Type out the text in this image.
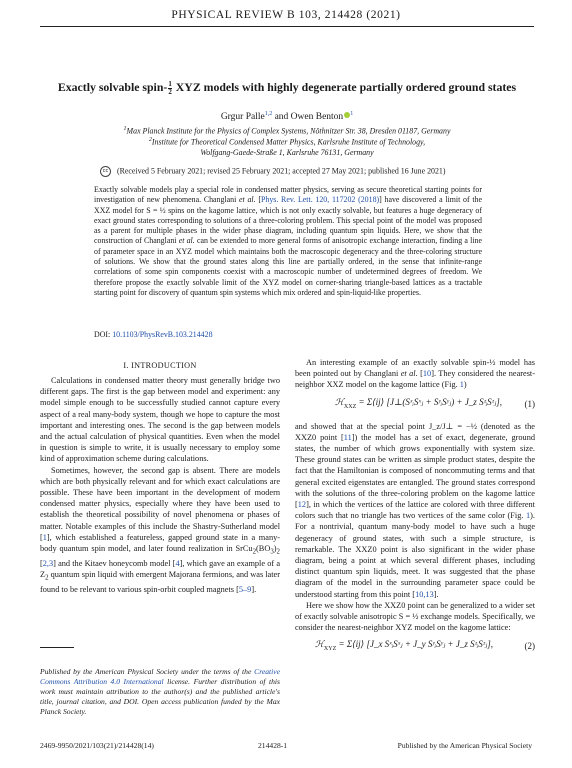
PHYSICAL REVIEW B 103, 214428 (2021)
Exactly solvable spin- $\frac{1}{2}$ XYZ models with highly degenerate partially ordered ground states
Grgur Palle$^{1,2}$ and Owen Benton $^1$
$^1$Max Planck Institute for the Physics of Complex Systems, Nöthnitzer Str. 38, Dresden 01187, Germany
$^2$Institute for Theoretical Condensed Matter Physics, Karlsruhe Institute of Technology,
Wolfgang-Gaede-Straße 1, Karlsruhe 76131, Germany
cc (Received 5 February 2021; revised 25 February 2021; accepted 27 May 2021; published 16 June 2021)
Exactly solvable models play a special role in condensed matter physics, serving as secure theoretical starting points for investigation of new phenomena. Changlani et al. [Phys. Rev. Lett. 120, 117202 (2018)] have discovered a limit of the XXZ model for S = ½ spins on the kagome lattice, which is not only exactly solvable, but features a huge degeneracy of exact ground states corresponding to solutions of a three-coloring problem. This special point of the model was proposed as a parent for multiple phases in the wider phase diagram, including quantum spin liquids. Here, we show that the construction of Changlani et al. can be extended to more general forms of anisotropic exchange interaction, finding a line of parameter space in an XYZ model which maintains both the macroscopic degeneracy and the three-coloring structure of solutions. We show that the ground states along this line are partially ordered, in the sense that infinite-range correlations of some spin components coexist with a macroscopic number of undetermined degrees of freedom. We therefore propose the exactly solvable limit of the XYZ model on corner-sharing triangle-based lattices as a tractable starting point for discovery of quantum spin systems which mix ordered and spin-liquid-like properties.
DOI: 10.1103/PhysRevB.103.214428
I. INTRODUCTION

Calculations in condensed matter theory must generally bridge two different gaps. The first is the gap between model and experiment: any model simple enough to be successfully studied cannot capture every aspect of a real many-body system, though we hope to capture the most important and interesting ones. The second is the gap between models and the actual calculation of physical quantities. Even when the model in question is simple to write, it is usually necessary to employ some kind of approximation scheme during calculations.

Sometimes, however, the second gap is absent. There are models which are both physically relevant and for which exact calculations are possible. These have been important in the development of modern condensed matter physics, especially where they have been used to establish the theoretical possibility of novel phenomena or phases of matter. Notable examples of this include the Shastry-Sutherland model [1], which established a featureless, gapped ground state in a many-body quantum spin model, and later found realization in $SrCu_2(BO_3)_2$ [2,3] and the Kitaev honeycomb model [4], which gave an example of a $Z_2$ quantum spin liquid with emergent Majorana fermions, and was later found to be relevant to various spin-orbit coupled magnets [5–9].

An interesting example of an exactly solvable spin-½ model has been pointed out by Changlani et al. [10]. They considered the nearest-neighbor XXZ model on the kagome lattice (Fig. 1)

ℋ$_{XXZ}$ = Σ⟨ij⟩ [J⊥(SˣᵢSˣⱼ + SʸᵢSʸⱼ) + J_z SᶻᵢSᶻⱼ],	(1)

and showed that at the special point J_z/J⊥ = −½ (denoted as the XXZ0 point [11]) the model has a set of exact, degenerate, ground states, the number of which grows exponentially with system size. These ground states can be written as simple product states, despite the fact that the Hamiltonian is composed of noncommuting terms and that general excited eigenstates are entangled. The ground states correspond with the solutions of the three-coloring problem on the kagome lattice [12], in which the vertices of the lattice are colored with three different colors such that no triangle has two vertices of the same color (Fig. 1). For a nontrivial, quantum many-body model to have such a huge degeneracy of ground states, with such a simple structure, is remarkable. The XXZ0 point is also significant in the wider phase diagram, being a point at which several different phases, including distinct quantum spin liquids, meet. It was suggested that the phase diagram of the model in the surrounding parameter space could be understood starting from this point [10,13].

Here we show how the XXZ0 point can be generalized to a wider set of exactly solvable anisotropic S = ½ exchange models. Specifically, we consider the nearest-neighbor XYZ model on the kagome lattice:

ℋ$_{XYZ}$ = Σ⟨ij⟩ [J_x SˣᵢSˣⱼ + J_y SʸᵢSʸⱼ + J_z SᶻᵢSᶻⱼ],	(2)
Published by the American Physical Society under the terms of the Creative Commons Attribution 4.0 International license. Further distribution of this work must maintain attribution to the author(s) and the published article's title, journal citation, and DOI. Open access publication funded by the Max Planck Society.
2469-9950/2021/103(21)/214428(14)	214428-1	Published by the American Physical Society
